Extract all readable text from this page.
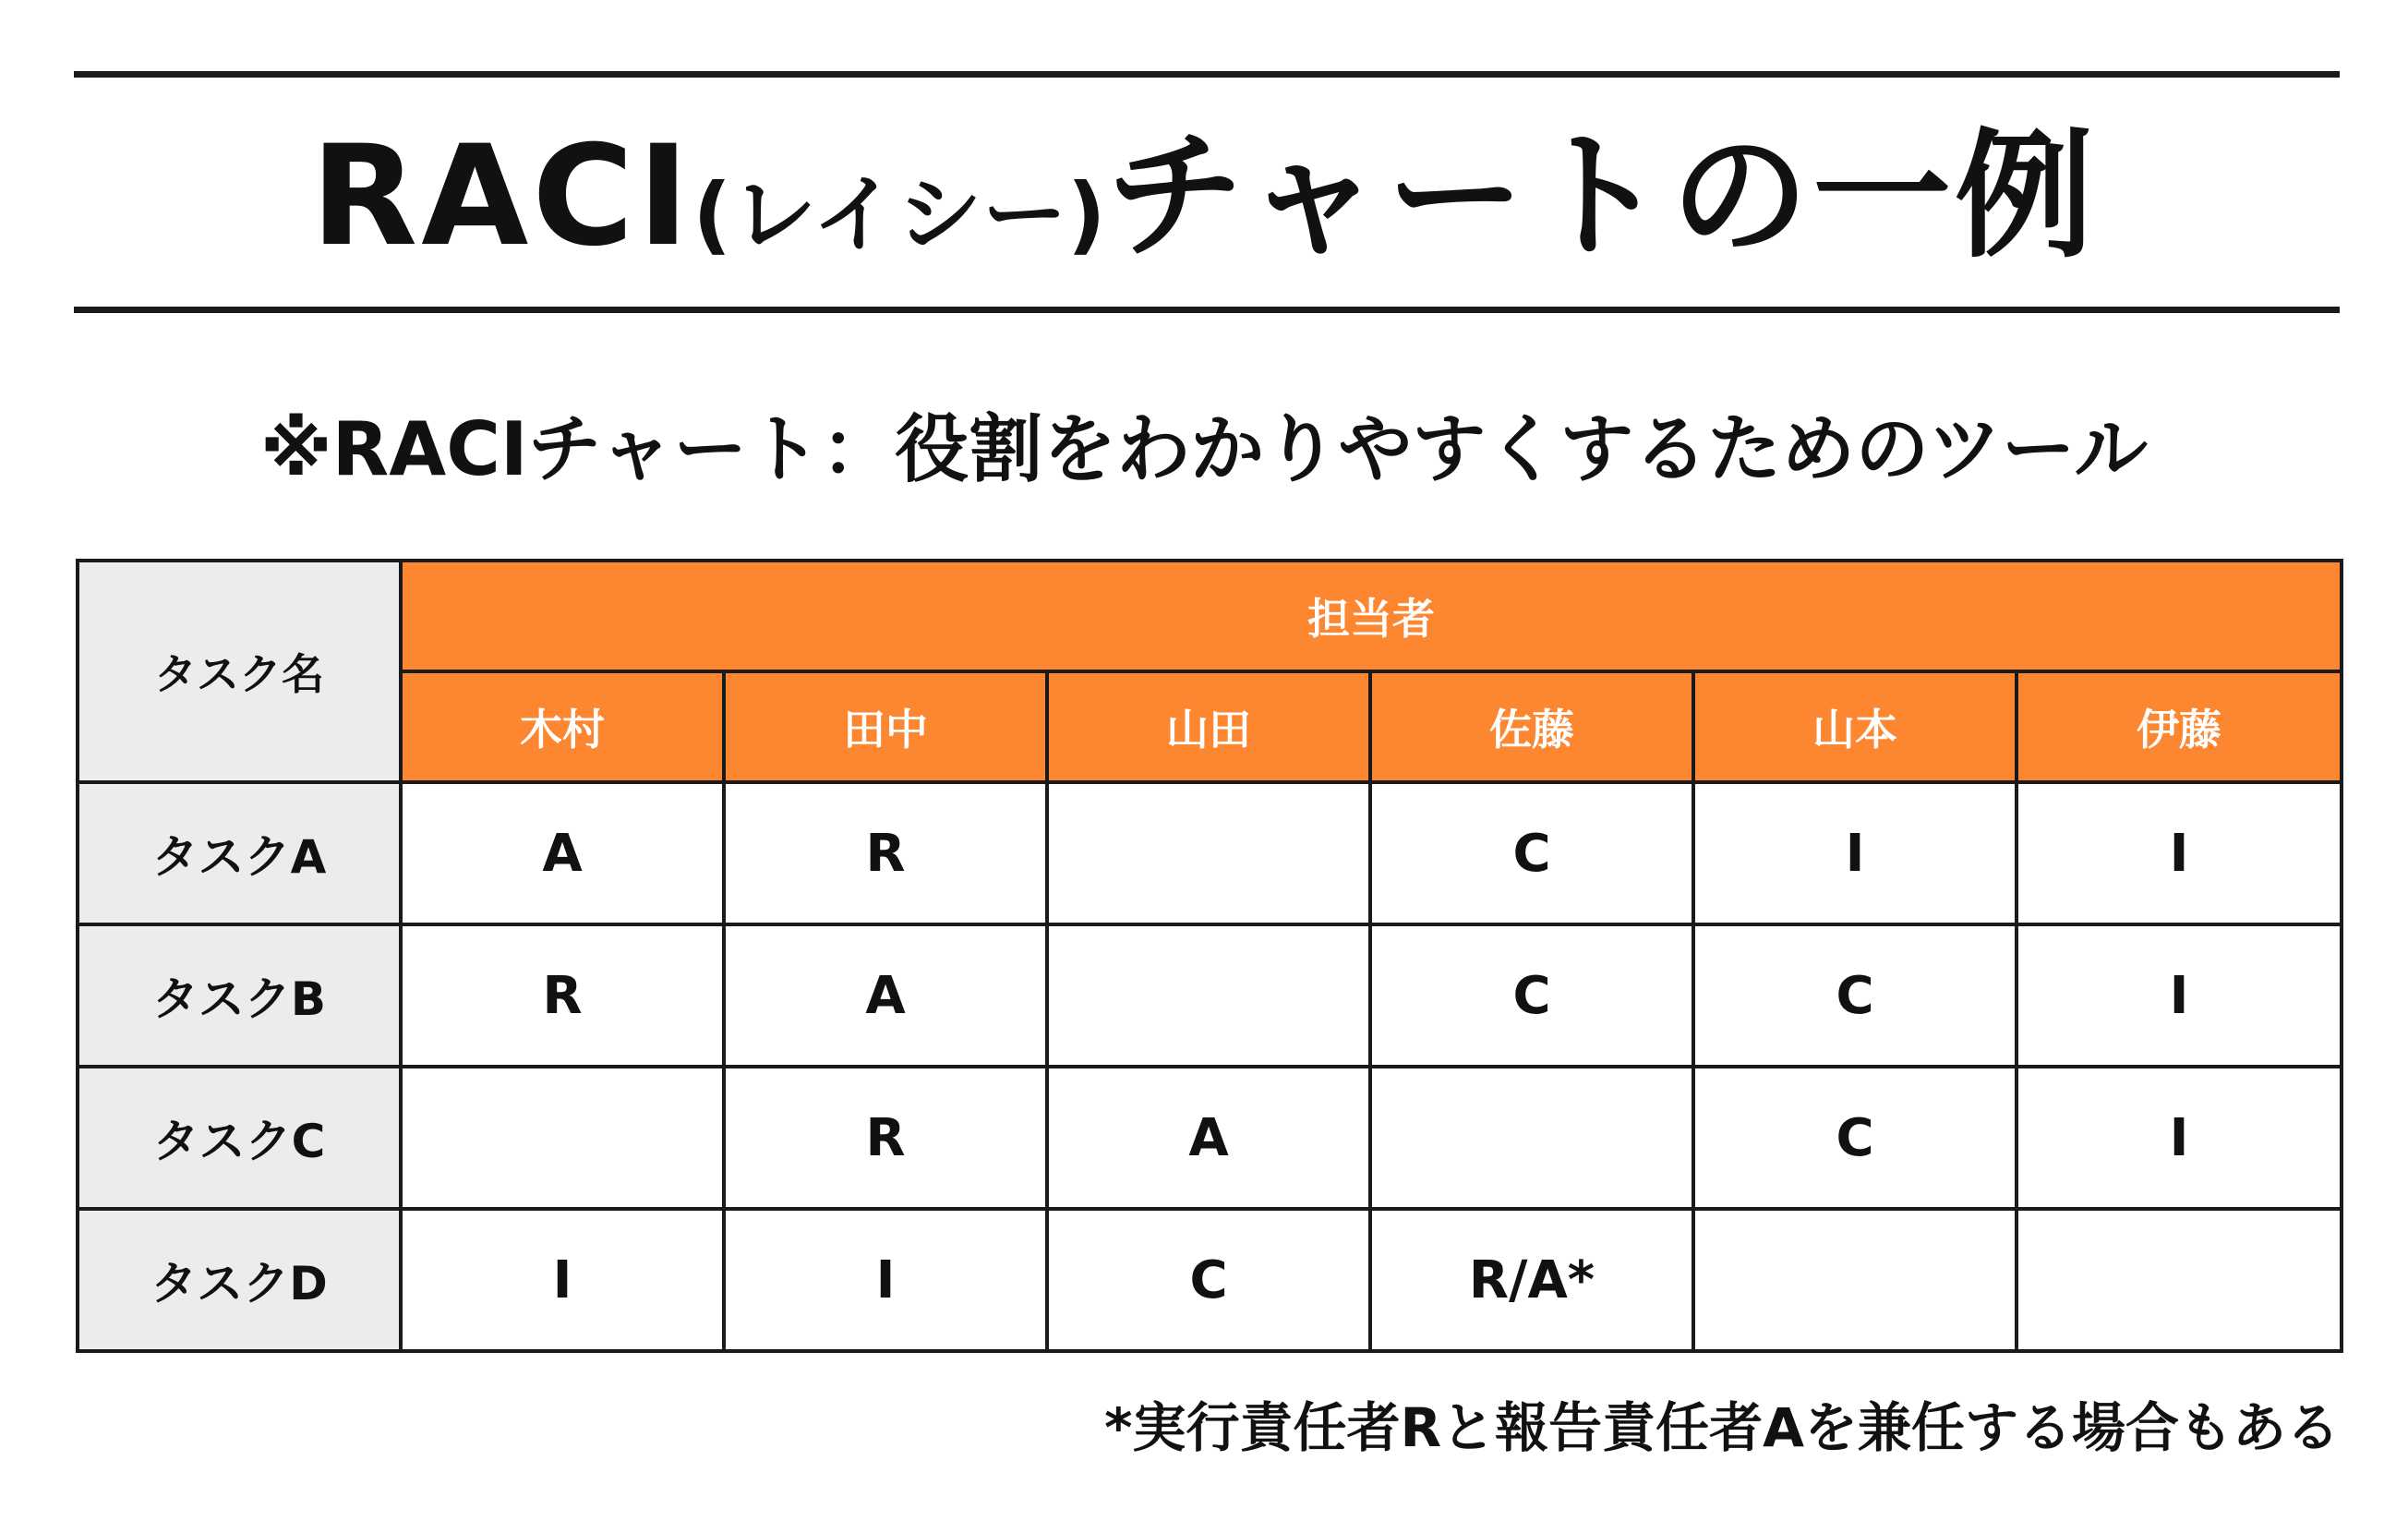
RACI(レイシー)チャートの一例
※RACIチャート：役割をわかりやすくするためのツール
タスク名	担当者					
	木村	田中	山田	佐藤	山本	伊藤
タスクA	A	R		C	I	I
タスクB	R	A		C	C	I
タスクC		R	A		C	I
タスクD	I	I	C	R/A*		
*実行責任者Rと報告責任者Aを兼任する場合もある
